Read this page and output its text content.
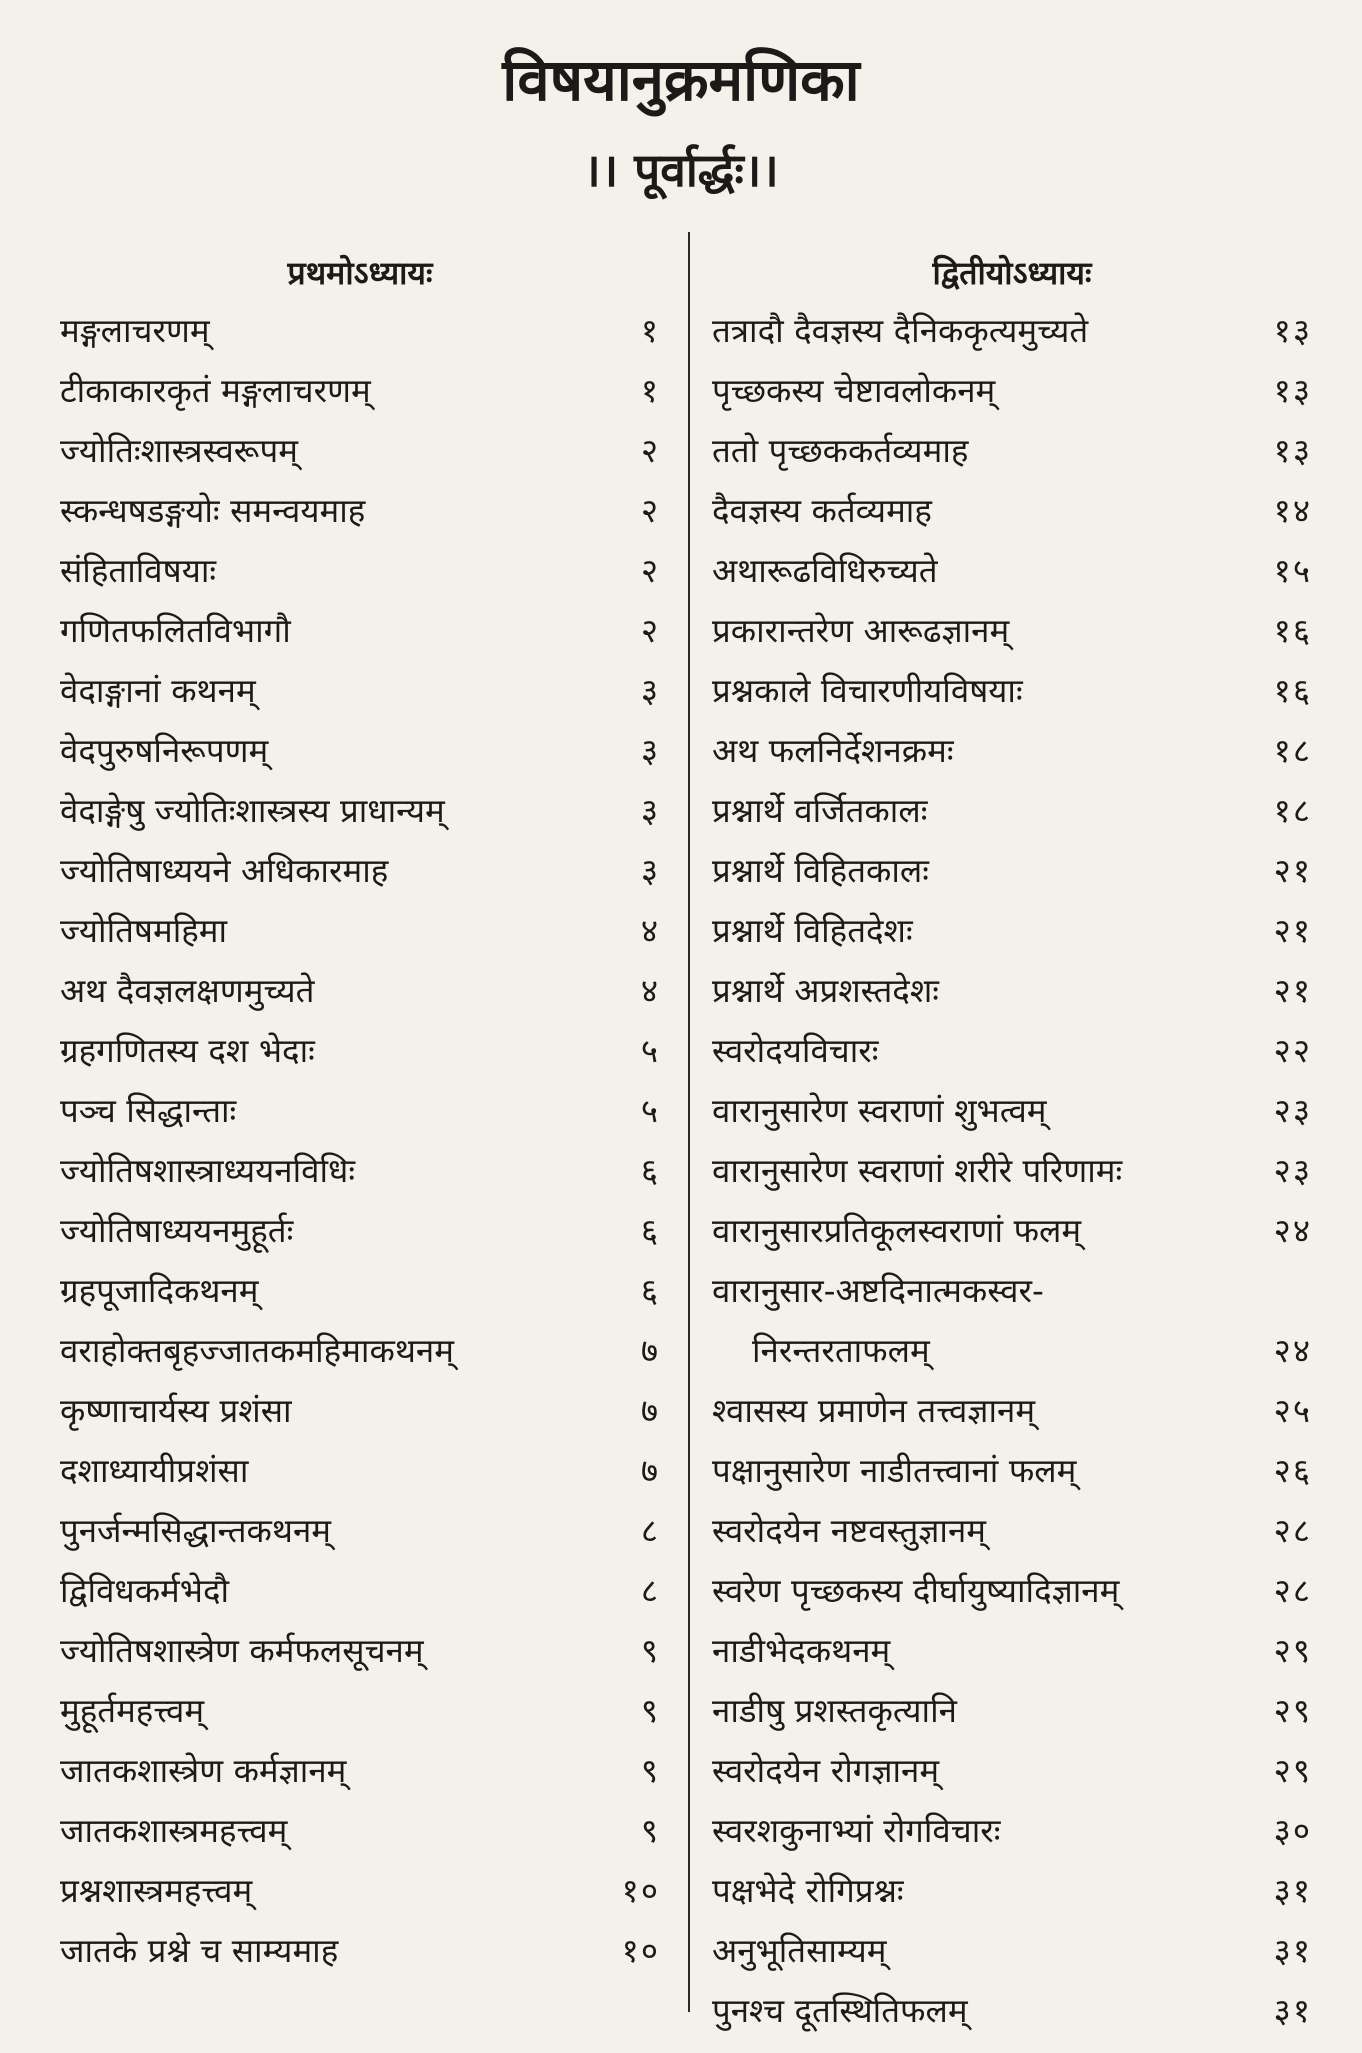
विषयानुक्रमणिका
।। पूर्वार्द्धः।।
प्रथमोऽध्यायः
मङ्गलाचरणम्	१
टीकाकारकृतं मङ्गलाचरणम्	१
ज्योतिःशास्त्रस्वरूपम्	२
स्कन्धषडङ्गयोः समन्वयमाह	२
संहिताविषयाः	२
गणितफलितविभागौ	२
वेदाङ्गानां कथनम्	३
वेदपुरुषनिरूपणम्	३
वेदाङ्गेषु ज्योतिःशास्त्रस्य प्राधान्यम्	३
ज्योतिषाध्ययने अधिकारमाह	३
ज्योतिषमहिमा	४
अथ दैवज्ञलक्षणमुच्यते	४
ग्रहगणितस्य दश भेदाः	५
पञ्च सिद्धान्ताः	५
ज्योतिषशास्त्राध्ययनविधिः	६
ज्योतिषाध्ययनमुहूर्तः	६
ग्रहपूजादिकथनम्	६
वराहोक्तबृहज्जातकमहिमाकथनम्	७
कृष्णाचार्यस्य प्रशंसा	७
दशाध्यायीप्रशंसा	७
पुनर्जन्मसिद्धान्तकथनम्	८
द्विविधकर्मभेदौ	८
ज्योतिषशास्त्रेण कर्मफलसूचनम्	९
मुहूर्तमहत्त्वम्	९
जातकशास्त्रेण कर्मज्ञानम्	९
जातकशास्त्रमहत्त्वम्	९
प्रश्नशास्त्रमहत्त्वम्	१०
जातके प्रश्ने च साम्यमाह	१०
द्वितीयोऽध्यायः
तत्रादौ दैवज्ञस्य दैनिककृत्यमुच्यते	१३
पृच्छकस्य चेष्टावलोकनम्	१३
ततो पृच्छककर्तव्यमाह	१३
दैवज्ञस्य कर्तव्यमाह	१४
अथारूढविधिरुच्यते	१५
प्रकारान्तरेण आरूढज्ञानम्	१६
प्रश्नकाले विचारणीयविषयाः	१६
अथ फलनिर्देशनक्रमः	१८
प्रश्नार्थे वर्जितकालः	१८
प्रश्नार्थे विहितकालः	२१
प्रश्नार्थे विहितदेशः	२१
प्रश्नार्थे अप्रशस्तदेशः	२१
स्वरोदयविचारः	२२
वारानुसारेण स्वराणां शुभत्वम्	२३
वारानुसारेण स्वराणां शरीरे परिणामः	२३
वारानुसारप्रतिकूलस्वराणां फलम्	२४
वारानुसार-अष्टदिनात्मकस्वर-
निरन्तरताफलम्	२४
श्वासस्य प्रमाणेन तत्त्वज्ञानम्	२५
पक्षानुसारेण नाडीतत्त्वानां फलम्	२६
स्वरोदयेन नष्टवस्तुज्ञानम्	२८
स्वरेण पृच्छकस्य दीर्घायुष्यादिज्ञानम्	२८
नाडीभेदकथनम्	२९
नाडीषु प्रशस्तकृत्यानि	२९
स्वरोदयेन रोगज्ञानम्	२९
स्वरशकुनाभ्यां रोगविचारः	३०
पक्षभेदे रोगिप्रश्नः	३१
अनुभूतिसाम्यम्	३१
पुनश्च दूतस्थितिफलम्	३१
